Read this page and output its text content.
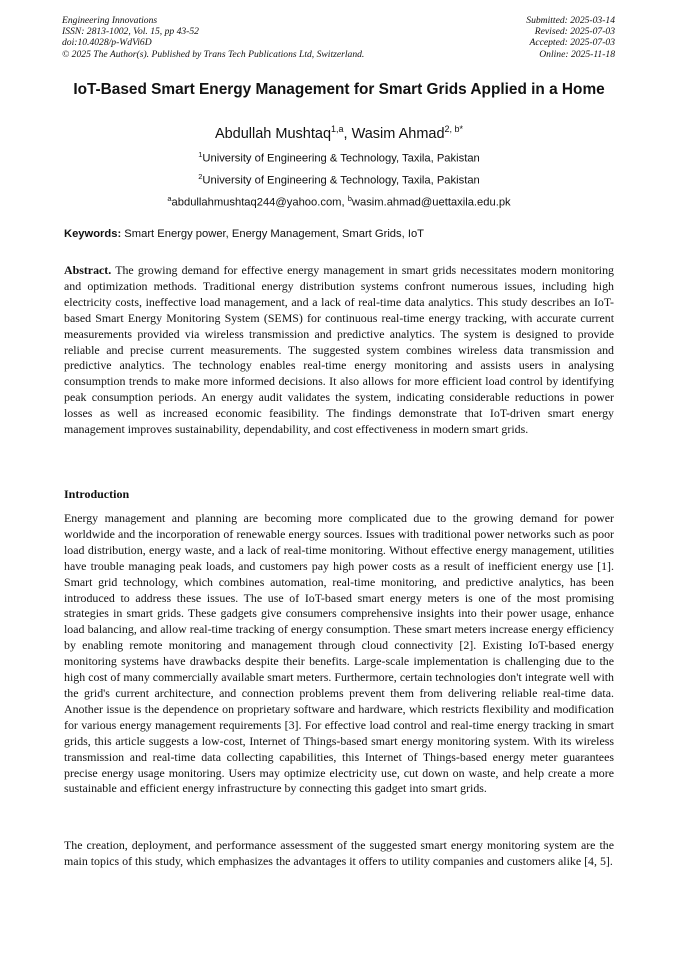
Engineering Innovations
ISSN: 2813-1002, Vol. 15, pp 43-52
doi:10.4028/p-WdVi6D
© 2025 The Author(s). Published by Trans Tech Publications Ltd, Switzerland.
Submitted: 2025-03-14
Revised: 2025-07-03
Accepted: 2025-07-03
Online: 2025-11-18
IoT-Based Smart Energy Management for Smart Grids Applied in a Home
Abdullah Mushtaq$^{1,a}$, Wasim Ahmad$^{2, b*}$
$^1$University of Engineering & Technology, Taxila, Pakistan
$^2$University of Engineering & Technology, Taxila, Pakistan
$^a$abdullahmushtaq244@yahoo.com, $^b$wasim.ahmad@uettaxila.edu.pk
Keywords: Smart Energy power, Energy Management, Smart Grids, IoT

Abstract. The growing demand for effective energy management in smart grids necessitates modern monitoring and optimization methods. Traditional energy distribution systems confront numerous issues, including high electricity costs, ineffective load management, and a lack of real-time data analytics. This study describes an IoT-based Smart Energy Monitoring System (SEMS) for continuous real-time energy tracking, with accurate current measurements provided via wireless transmission and predictive analytics. The system is designed to provide reliable and precise current measurements. The suggested system combines wireless data transmission and predictive analytics. The technology enables real-time energy monitoring and assists users in analysing consumption trends to make more informed decisions. It also allows for more efficient load control by identifying peak consumption periods. An energy audit validates the system, indicating considerable reductions in power losses as well as increased economic feasibility. The findings demonstrate that IoT-driven smart energy management improves sustainability, dependability, and cost effectiveness in modern smart grids.

Introduction

Energy management and planning are becoming more complicated due to the growing demand for power worldwide and the incorporation of renewable energy sources. Issues with traditional power networks such as poor load distribution, energy waste, and a lack of real-time monitoring. Without effective energy management, utilities have trouble managing peak loads, and customers pay high power costs as a result of inefficient energy use [1]. Smart grid technology, which combines automation, real-time monitoring, and predictive analytics, has been introduced to address these issues. The use of IoT-based smart energy meters is one of the most promising strategies in smart grids. These gadgets give consumers comprehensive insights into their power usage, enhance load balancing, and allow real-time tracking of energy consumption. These smart meters increase energy efficiency by enabling remote monitoring and management through cloud connectivity [2]. Existing IoT-based energy monitoring systems have drawbacks despite their benefits. Large-scale implementation is challenging due to the high cost of many commercially available smart meters. Furthermore, certain technologies don't integrate well with the grid's current architecture, and connection problems prevent them from delivering reliable real-time data. Another issue is the dependence on proprietary software and hardware, which restricts flexibility and modification for various energy management requirements [3]. For effective load control and real-time energy tracking in smart grids, this article suggests a low-cost, Internet of Things-based smart energy monitoring system. With its wireless transmission and real-time data collecting capabilities, this Internet of Things-based energy meter guarantees precise energy usage monitoring. Users may optimize electricity use, cut down on waste, and help create a more sustainable and efficient energy infrastructure by connecting this gadget into smart grids.

The creation, deployment, and performance assessment of the suggested smart energy monitoring system are the main topics of this study, which emphasizes the advantages it offers to utility companies and customers alike [4, 5].
